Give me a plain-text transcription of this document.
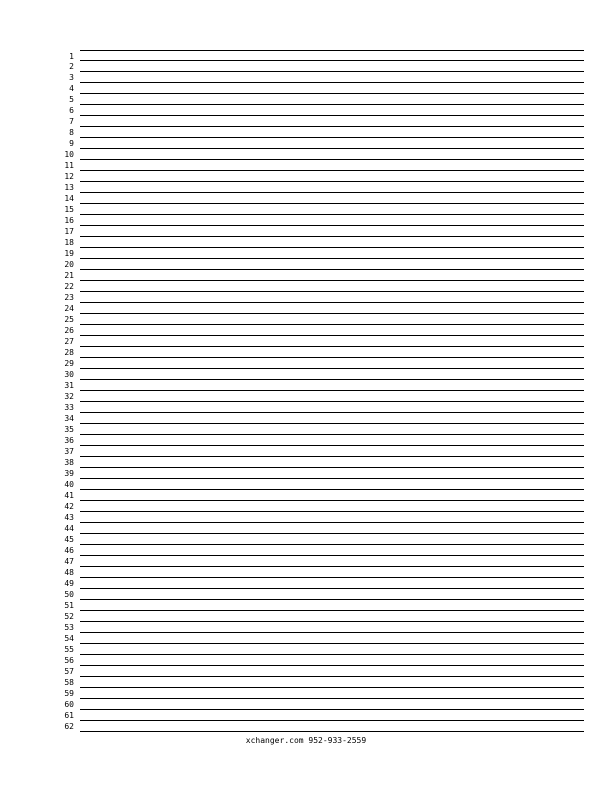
1
2
3
4
5
6
7
8
9
10
11
12
13
14
15
16
17
18
19
20
21
22
23
24
25
26
27
28
29
30
31
32
33
34
35
36
37
38
39
40
41
42
43
44
45
46
47
48
49
50
51
52
53
54
55
56
57
58
59
60
61
62
xchanger.com 952-933-2559
